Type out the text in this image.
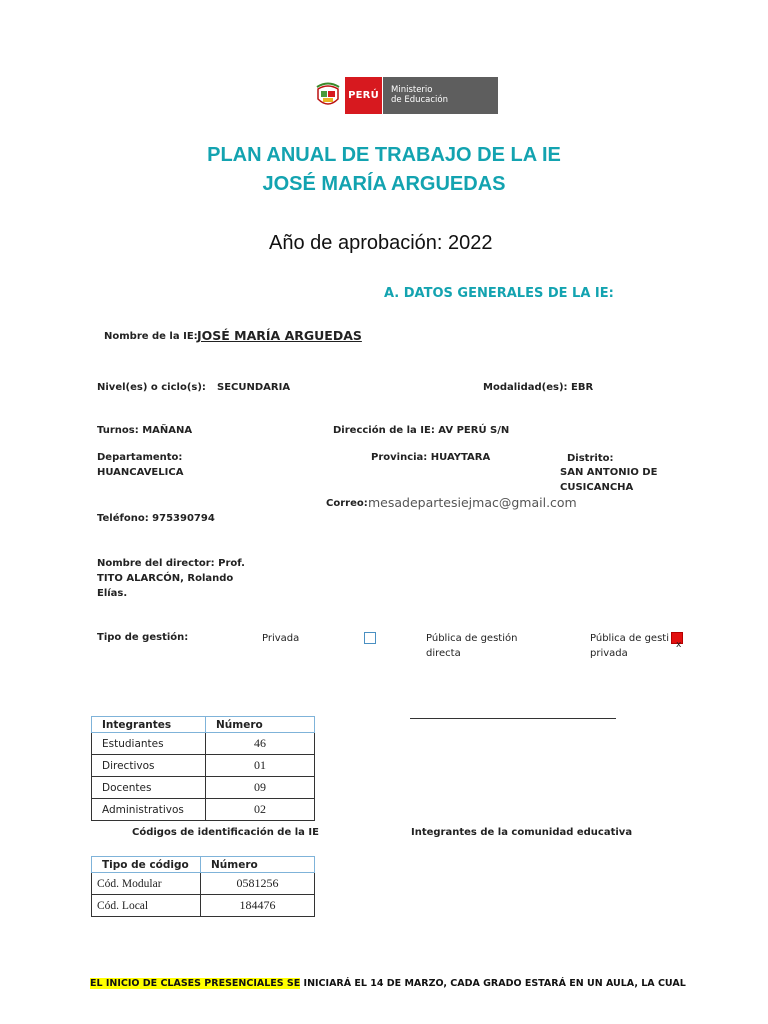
PERÚ	Ministerio
de Educación
PLAN ANUAL DE TRABAJO DE LA IE
JOSÉ MARÍA ARGUEDAS
Año de aprobación: 2022
A. DATOS GENERALES DE LA IE:
Nombre de la IE: JOSÉ MARÍA ARGUEDAS
Nivel(es) o ciclo(s): SECUNDARIA	Modalidad(es): EBR
Turnos: MAÑANA	Dirección de la IE: AV PERÚ S/N
Departamento:
HUANCAVELICA
Provincia: HUAYTARA	Distrito:
SAN ANTONIO DE
CUSICANCHA
Correo: mesadepartesiejmac@gmail.com
Teléfono: 975390794
Nombre del director: Prof.
TITO ALARCÓN, Rolando
Elías.
Tipo de gestión:	Privada	Pública de gestión
directa
Pública de gesti
privada
x
Integrantes	Número
Estudiantes	46
Directivos	01
Docentes	09
Administrativos	02
Códigos de identificación de la IE	Integrantes de la comunidad educativa
Tipo de código	Número
Cód. Modular	0581256
Cód. Local	184476
EL INICIO DE CLASES PRESENCIALES SE INICIARÁ EL 14 DE MARZO, CADA GRADO ESTARÁ EN UN AULA, LA CUAL
